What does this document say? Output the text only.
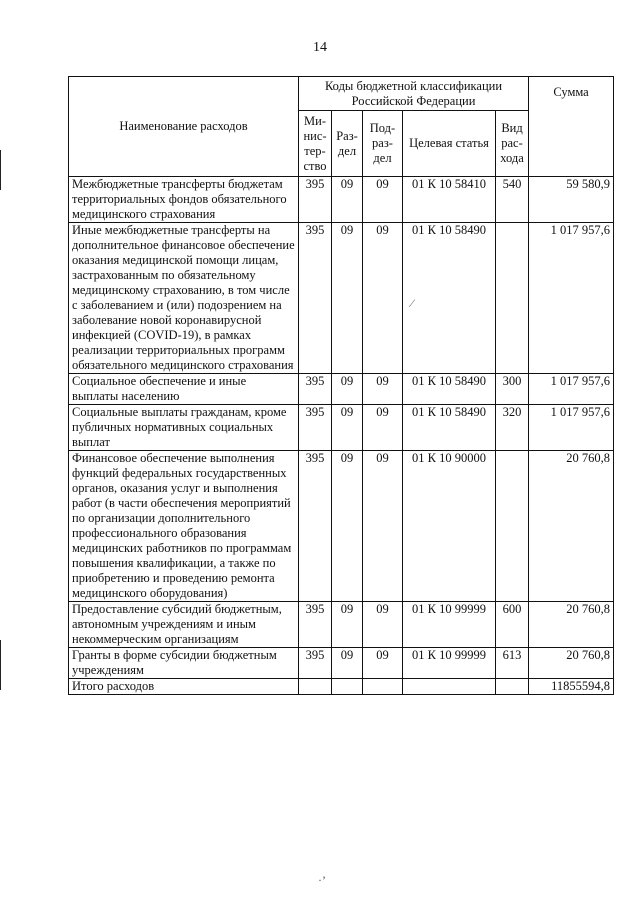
14
Наименование расходов	Коды бюджетной классификации Российской Федерации					Сумма
	Ми-нис-тер-ство	Раз-дел	Под-раз-дел	Целевая статья	Вид рас-хода	
Межбюджетные трансферты бюджетам территориальных фондов обязательного медицинского страхования	395	09	09	01 К 10 58410	540	59 580,9
Иные межбюджетные трансферты на дополнительное финансовое обеспечение оказания медицинской помощи лицам, застрахованным по обязательному медицинскому страхованию, в том числе с заболеванием и (или) подозрением на заболевание новой коронавирусной инфекцией (COVID-19), в рамках реализации территориальных программ обязательного медицинского страхования	395	09	09	01 К 10 58490		1 017 957,6
Социальное обеспечение и иные выплаты населению	395	09	09	01 К 10 58490	300	1 017 957,6
Социальные выплаты гражданам, кроме публичных нормативных социальных выплат	395	09	09	01 К 10 58490	320	1 017 957,6
Финансовое обеспечение выполнения функций федеральных государственных органов, оказания услуг и выполнения работ (в части обеспечения мероприятий по организации дополнительного профессионального образования медицинских работников по программам повышения квалификации, а также по приобретению и проведению ремонта медицинского оборудования)	395	09	09	01 К 10 90000		20 760,8
Предоставление субсидий бюджетным, автономным учреждениям и иным некоммерческим организациям	395	09	09	01 К 10 99999	600	20 760,8
Гранты в форме субсидии бюджетным учреждениям	395	09	09	01 К 10 99999	613	20 760,8
Итого расходов						11855594,8
⁄
·’
